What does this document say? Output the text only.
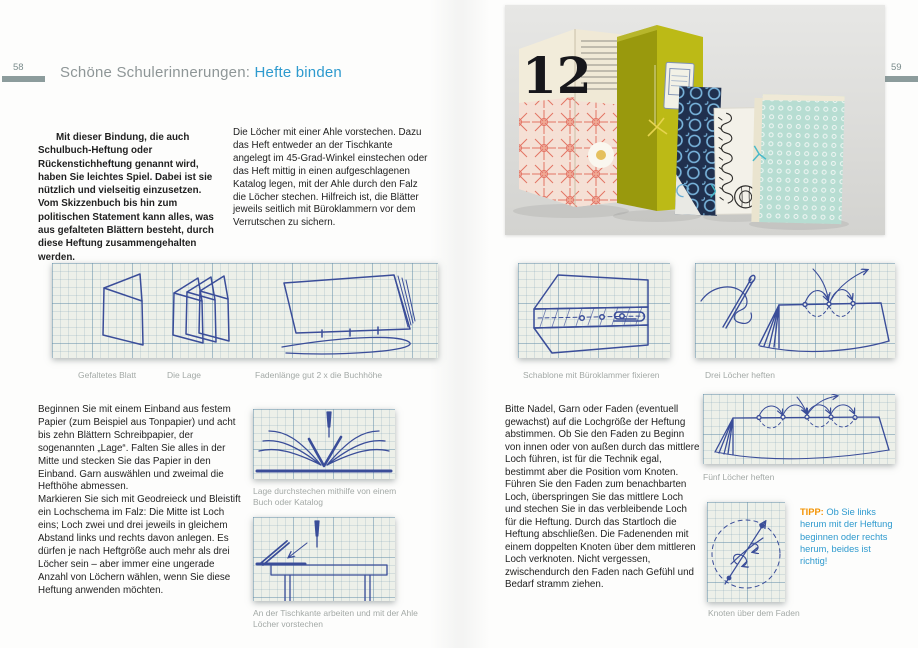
58 Schöne Schulerinnerungen: Hefte binden
Mit dieser Bindung, die auch Schulbuch-Heftung oder Rückenstichheftung genannt wird, haben Sie leichtes Spiel. Dabei ist sie nützlich und vielseitig einzusetzen. Vom Skizzenbuch bis hin zum politischen Statement kann alles, was aus gefalteten Blättern besteht, durch diese Heftung zusammengehalten werden.
Die Löcher mit einer Ahle vorstechen. Dazu das Heft entweder an der Tischkante angelegt im 45-Grad-Winkel einstechen oder das Heft mittig in einen aufgeschlagenen Katalog legen, mit der Ahle durch den Falz die Löcher stechen. Hilfreich ist, die Blätter jeweils seitlich mit Büroklammern vor dem Verrutschen zu sichern.
Gefaltetes Blatt	Die Lage	Fadenlänge gut 2 x die Buchhöhe

Beginnen Sie mit einem Einband aus festem Papier (zum Beispiel aus Tonpapier) und acht bis zehn Blättern Schreibpapier, der sogenannten „Lage“. Falten Sie alles in der Mitte und stecken Sie das Papier in den Einband. Garn auswählen und zweimal die Hefthöhe abmessen.

Markieren Sie sich mit Geodreieck und Bleistift ein Lochschema im Falz: Die Mitte ist Loch eins; Loch zwei und drei jeweils in gleichem Abstand links und rechts davon anlegen. Es dürfen je nach Heftgröße auch mehr als drei Löcher sein – aber immer eine ungerade Anzahl von Löchern wählen, wenn Sie diese Heftung anwenden möchten.

Lage durchstechen mithilfe von einem Buch oder Katalog
An der Tischkante arbeiten und mit der Ahle Löcher vorstechen
59
12
Schablone mit Büroklammer fixieren	Drei Löcher heften
Bitte Nadel, Garn oder Faden (eventuell gewachst) auf die Lochgröße der Heftung abstimmen. Ob Sie den Faden zu Beginn von innen oder von außen durch das mittlere Loch führen, ist für die Technik egal, bestimmt aber die Position vom Knoten. Führen Sie den Faden zum benachbarten Loch, überspringen Sie das mittlere Loch und stechen Sie in das verbleibende Loch für die Heftung. Durch das Startloch die Heftung abschließen. Die Fadenenden mit einem doppelten Knoten über dem mittleren Loch verknoten. Nicht vergessen, zwischendurch den Faden nach Gefühl und Bedarf stramm ziehen.
Fünf Löcher heften
TIPP: Ob Sie links herum mit der Heftung beginnen oder rechts herum, beides ist richtig!
Knoten über dem Faden
